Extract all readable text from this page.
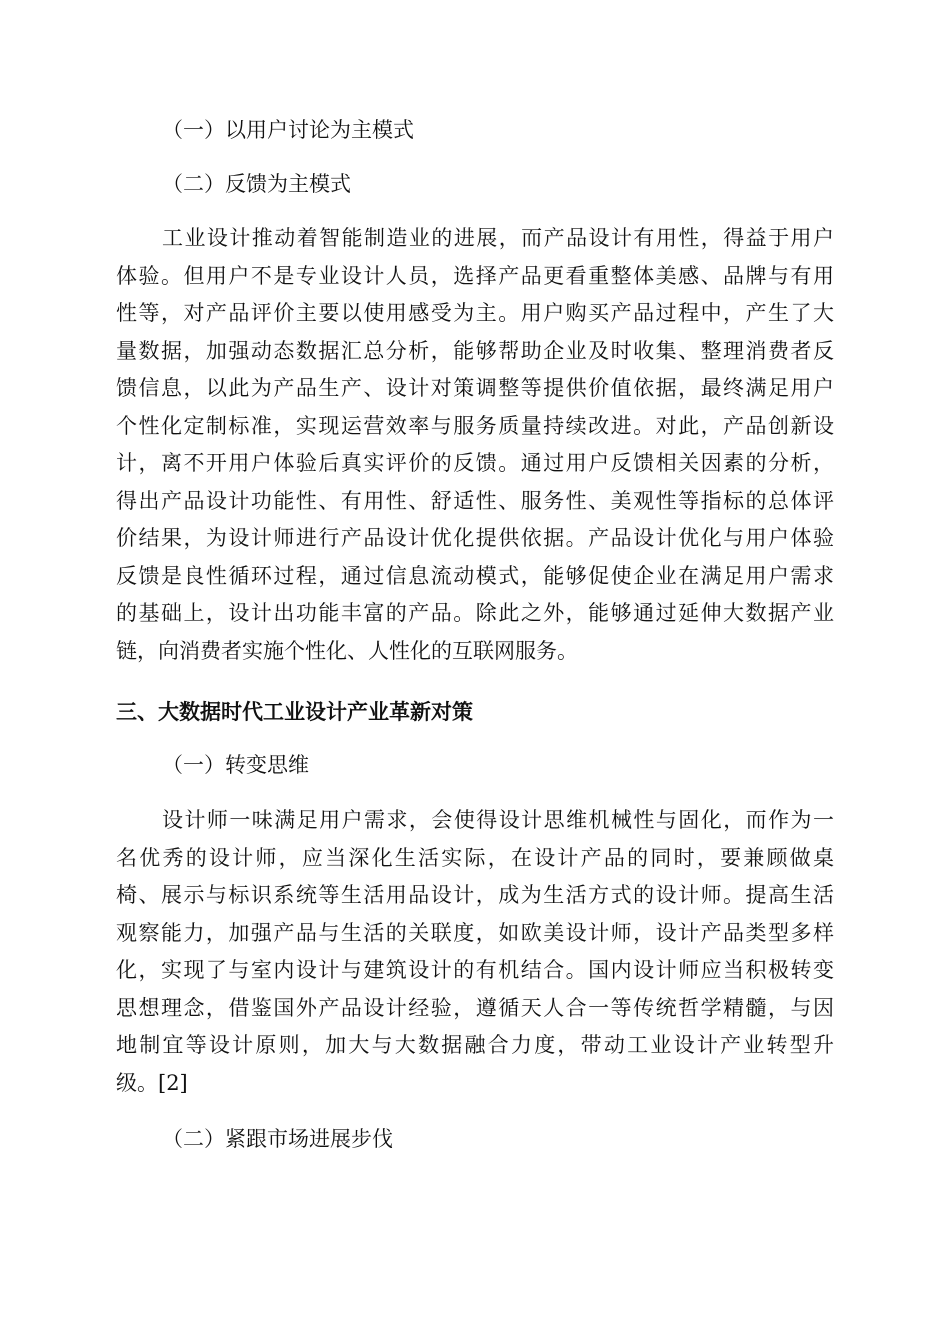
（一）以用户讨论为主模式
（二）反馈为主模式
工业设计推动着智能制造业的进展，而产品设计有用性，得益于用户
体验。但用户不是专业设计人员，选择产品更看重整体美感、品牌与有用
性等，对产品评价主要以使用感受为主。用户购买产品过程中，产生了大
量数据，加强动态数据汇总分析，能够帮助企业及时收集、整理消费者反
馈信息，以此为产品生产、设计对策调整等提供价值依据，最终满足用户
个性化定制标准，实现运营效率与服务质量持续改进。对此，产品创新设
计，离不开用户体验后真实评价的反馈。通过用户反馈相关因素的分析，
得出产品设计功能性、有用性、舒适性、服务性、美观性等指标的总体评
价结果，为设计师进行产品设计优化提供依据。产品设计优化与用户体验
反馈是良性循环过程，通过信息流动模式，能够促使企业在满足用户需求
的基础上，设计出功能丰富的产品。除此之外，能够通过延伸大数据产业
链，向消费者实施个性化、人性化的互联网服务。
三、大数据时代工业设计产业革新对策
（一）转变思维
设计师一味满足用户需求，会使得设计思维机械性与固化，而作为一
名优秀的设计师，应当深化生活实际，在设计产品的同时，要兼顾做桌
椅、展示与标识系统等生活用品设计，成为生活方式的设计师。提高生活
观察能力，加强产品与生活的关联度，如欧美设计师，设计产品类型多样
化，实现了与室内设计与建筑设计的有机结合。国内设计师应当积极转变
思想理念，借鉴国外产品设计经验，遵循天人合一等传统哲学精髓，与因
地制宜等设计原则，加大与大数据融合力度，带动工业设计产业转型升
级。[2]
（二）紧跟市场进展步伐
